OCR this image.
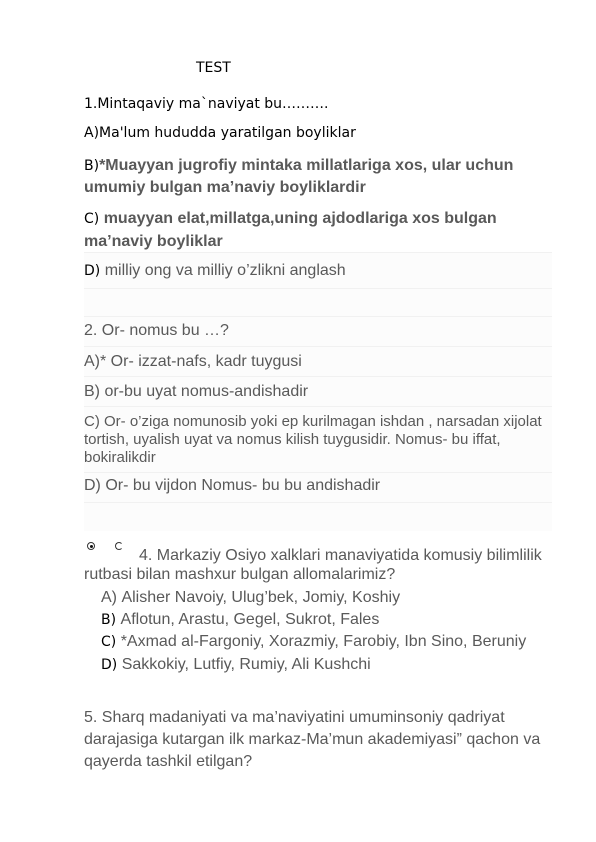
TEST
1.Mintaqaviy ma`naviyat bu……….
A)Ma'lum hududda yaratilgan boyliklar
B)*Muayyan jugrofiy mintaka millatlariga xos, ular uchun
umumiy bulgan ma’naviy boyliklardir
C) muayyan elat,millatga,uning ajdodlariga xos bulgan
ma’naviy boyliklar
D) milliy ong va milliy o’zlikni anglash
2. Or- nomus bu …?
A)* Or- izzat-nafs, kadr tuygusi
B) or-bu uyat nomus-andishadir
C) Or- o’ziga nomunosib yoki ep kurilmagan ishdan , narsadan xijolat tortish, uyalish uyat va nomus kilish tuygusidir. Nomus- bu iffat, bokiralikdir
D) Or- bu vijdon Nomus- bu bu andishadir
4. Markaziy Osiyo xalklari manaviyatida komusiy bilimlilik
rutbasi bilan mashxur bulgan allomalarimiz?
A) Alisher Navoiy, Ulug’bek, Jomiy, Koshiy
B) Aflotun, Arastu, Gegel, Sukrot, Fales
C) *Axmad al-Fargoniy, Xorazmiy, Farobiy, Ibn Sino, Beruniy
D) Sakkokiy, Lutfiy, Rumiy, Ali Kushchi
5. Sharq madaniyati va ma’naviyatini umuminsoniy qadriyat
darajasiga kutargan ilk markaz-Ma’mun akademiyasi” qachon va
qayerda tashkil etilgan?
